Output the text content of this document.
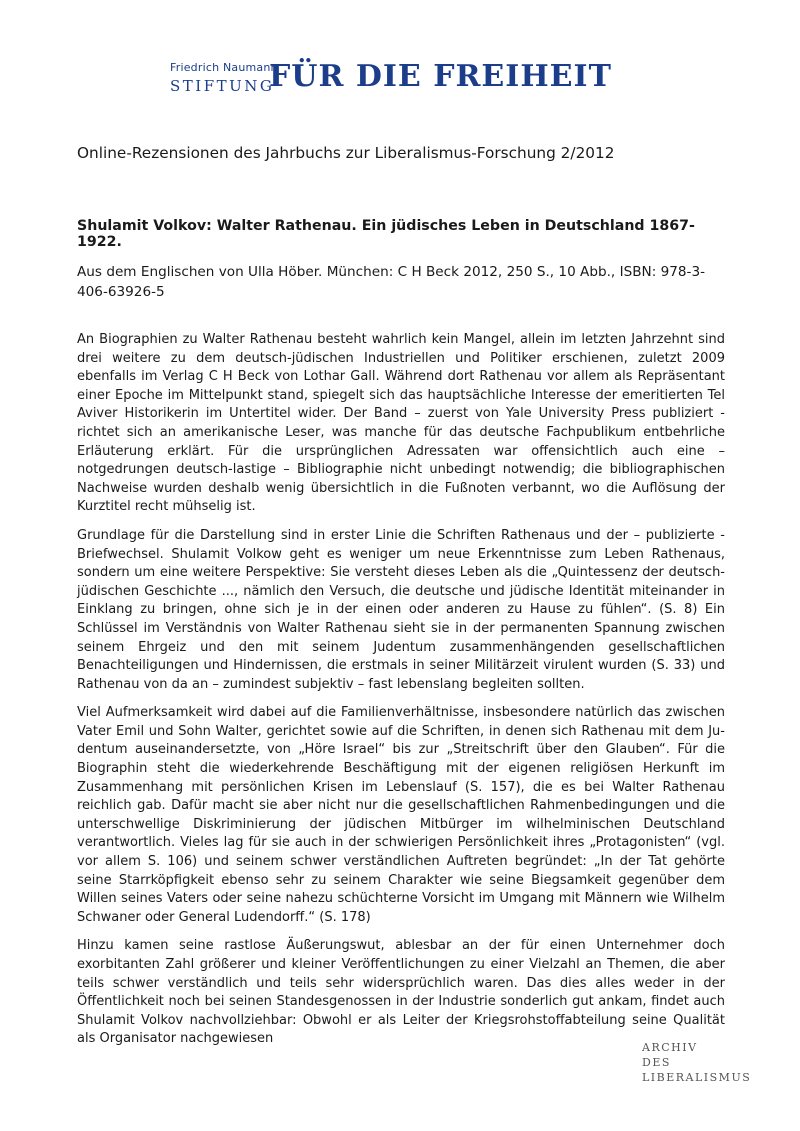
Friedrich Naumann
STIFTUNG
FÜR DIE FREIHEIT
Online-Rezensionen des Jahrbuchs zur Liberalismus-Forschung 2/2012
Shulamit Volkov: Walter Rathenau. Ein jüdisches Leben in Deutschland 1867-1922.

Aus dem Englischen von Ulla Höber. München: C H Beck 2012, 250 S., 10 Abb., ISBN: 978-3-406-63926-5

An Biographien zu Walter Rathenau besteht wahrlich kein Mangel, allein im letzten Jahrzehnt sind drei weitere zu dem deutsch-jüdischen Industriellen und Politiker erschienen, zuletzt 2009 ebenfalls im Verlag C H Beck von Lothar Gall. Während dort Rathenau vor allem als Repräsentant einer Epoche im Mittelpunkt stand, spiegelt sich das hauptsächliche Interesse der emeritierten Tel Aviver Historikerin im Untertitel wider. Der Band – zuerst von Yale University Press publiziert - richtet sich an amerikanische Leser, was manche für das deutsche Fachpublikum entbehrliche Erläuterung erklärt. Für die ursprünglichen Adressaten war offensichtlich auch eine – notgedrungen deutsch-lastige – Bibliographie nicht unbedingt notwendig; die bibliographischen Nachweise wurden deshalb wenig übersichtlich in die Fußnoten verbannt, wo die Auflösung der Kurztitel recht mühselig ist.

Grundlage für die Darstellung sind in erster Linie die Schriften Rathenaus und der – publizierte - Briefwechsel. Shulamit Volkow geht es weniger um neue Erkenntnisse zum Leben Rathenaus, sondern um eine weitere Perspektive: Sie versteht dieses Leben als die „Quintessenz der deutsch-jüdischen Geschichte ..., nämlich den Versuch, die deutsche und jüdische Identität miteinander in Einklang zu bringen, ohne sich je in der einen oder anderen zu Hause zu fühlen“. (S. 8) Ein Schlüssel im Verständnis von Walter Rathenau sieht sie in der permanenten Spannung zwischen seinem Ehrgeiz und den mit seinem Judentum zusammenhängenden gesellschaftlichen Benachteiligungen und Hindernissen, die erstmals in seiner Militärzeit virulent wurden (S. 33) und Rathenau von da an – zumindest subjektiv – fast lebenslang begleiten sollten.

Viel Aufmerksamkeit wird dabei auf die Familienverhältnisse, insbesondere natürlich das zwischen Vater Emil und Sohn Walter, gerichtet sowie auf die Schriften, in denen sich Rathenau mit dem Judentum auseinandersetzte, von „Höre Israel“ bis zur „Streitschrift über den Glauben“. Für die Biographin steht die wiederkehrende Beschäftigung mit der eigenen religiösen Herkunft im Zusammenhang mit persönlichen Krisen im Lebenslauf (S. 157), die es bei Walter Rathenau reichlich gab. Dafür macht sie aber nicht nur die gesellschaftlichen Rahmenbedingungen und die unterschwellige Diskriminierung der jüdischen Mitbürger im wilhelminischen Deutschland verantwortlich. Vieles lag für sie auch in der schwierigen Persönlichkeit ihres „Protagonisten“ (vgl. vor allem S. 106) und seinem schwer verständlichen Auftreten begründet: „In der Tat gehörte seine Starrköpfigkeit ebenso sehr zu seinem Charakter wie seine Biegsamkeit gegenüber dem Willen seines Vaters oder seine nahezu schüchterne Vorsicht im Umgang mit Männern wie Wilhelm Schwaner oder General Ludendorff.“ (S. 178)

Hinzu kamen seine rastlose Äußerungswut, ablesbar an der für einen Unternehmer doch exorbitanten Zahl größerer und kleiner Veröffentlichungen zu einer Vielzahl an Themen, die aber teils schwer verständlich und teils sehr widersprüchlich waren. Das dies alles weder in der Öffentlichkeit noch bei seinen Standesgenossen in der Industrie sonderlich gut ankam, findet auch Shulamit Volkov nachvollziehbar: Obwohl er als Leiter der Kriegsrohstoffabteilung seine Qualität als Organisator nachgewiesen

ARCHIV
DES
LIBERALISMUS
